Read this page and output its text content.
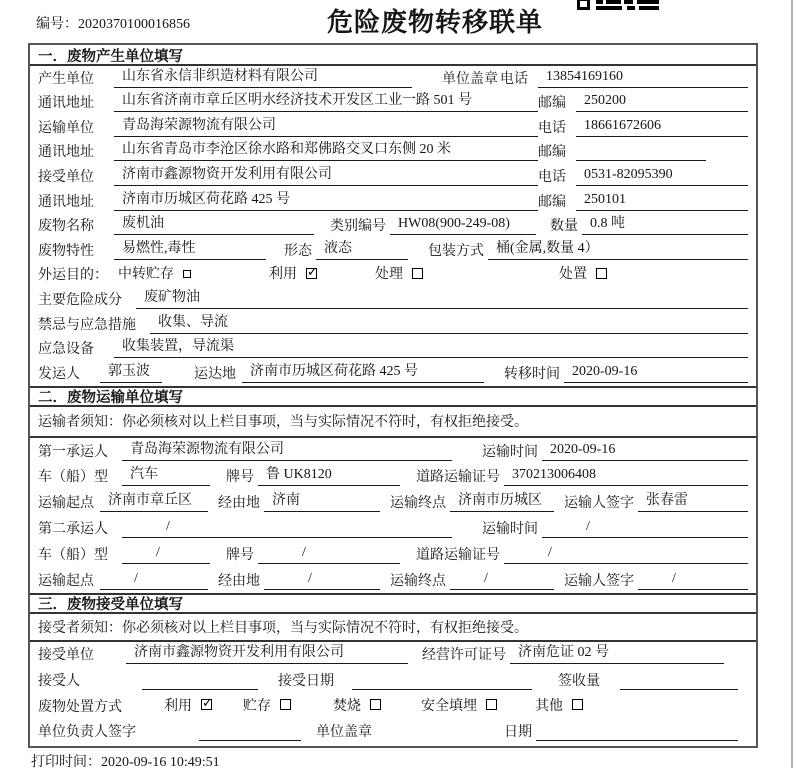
编号：2020370100016856	危险废物转移联单
一．废物产生单位填写
产生单位	山东省永信非织造材料有限公司	单位盖章 电话	13854169160
通讯地址	山东省济南市章丘区明水经济技术开发区工业一路 501 号	邮编	250200
运输单位	青岛海荣源物流有限公司	电话	18661672606
通讯地址	山东省青岛市李沧区徐水路和郑佛路交叉口东侧 20 米	邮编
接受单位	济南市鑫源物资开发利用有限公司	电话	0531-82095390
通讯地址	济南市历城区荷花路 425 号	邮编	250101
废物名称	废机油	类别编号 HW08(900-249-08)	数量 0.8 吨
废物特性	易燃性,毒性	形态 液态	包装方式 桶(金属,数量 4）
外运目的： 中转贮存	利用 ✓	处理	处置
主要危险成分	废矿物油
禁忌与应急措施	收集、导流
应急设备	收集装置，导流渠
发运人	郭玉波	运达地	济南市历城区荷花路 425 号	转移时间 2020-09-16
二．废物运输单位填写
运输者须知：你必须核对以上栏目事项，当与实际情况不符时，有权拒绝接受。
第一承运人	青岛海荣源物流有限公司	运输时间 2020-09-16
车（船）型	汽车	牌号 鲁 UK8120	道路运输证号 370213006408
运输起点	济南市章丘区	经由地 济南	运输终点 济南市历城区	运输人签字 张春雷
第二承运人	/	运输时间	/
车（船）型	/	牌号	/	道路运输证号	/
运输起点	/	经由地	/	运输终点	/	运输人签字	/
三．废物接受单位填写
接受者须知：你必须核对以上栏目事项，当与实际情况不符时，有权拒绝接受。
接受单位	济南市鑫源物资开发利用有限公司	经营许可证号 济南危证 02 号
接受人	接受日期	签收量
废物处置方式	利用 ✓	贮存	焚烧	安全填埋	其他
单位负责人签字	单位盖章	日期
打印时间：2020-09-16 10:49:51
